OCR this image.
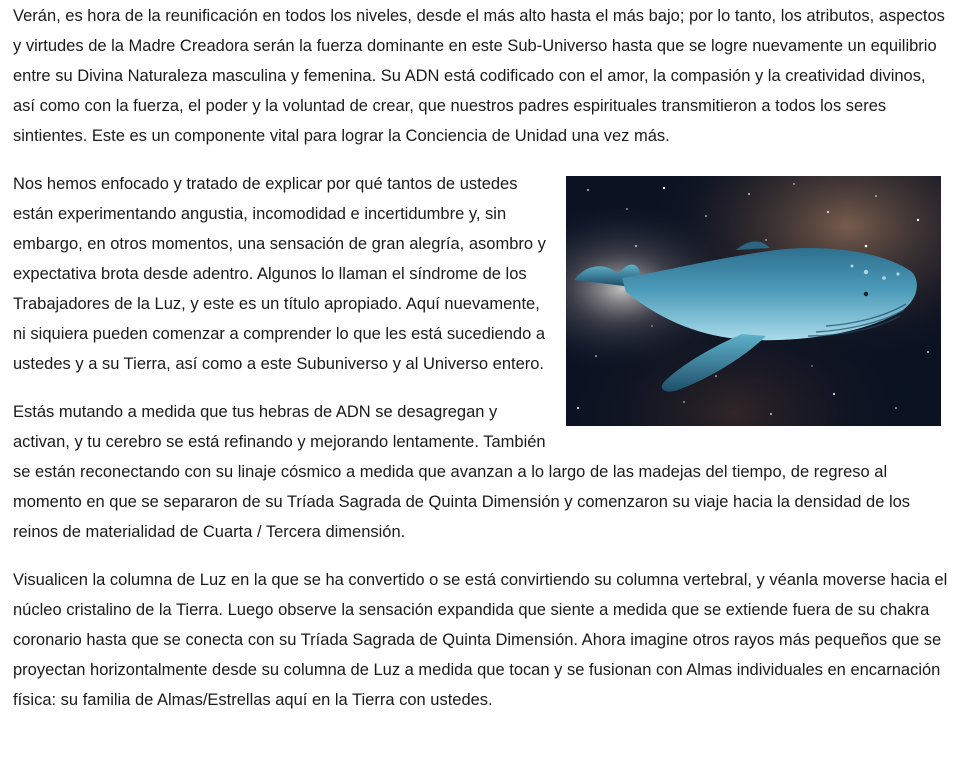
Verán, es hora de la reunificación en todos los niveles, desde el más alto hasta el más bajo; por lo tanto, los atributos, aspectos y virtudes de la Madre Creadora serán la fuerza dominante en este Sub-Universo hasta que se logre nuevamente un equilibrio entre su Divina Naturaleza masculina y femenina. Su ADN está codificado con el amor, la compasión y la creatividad divinos, así como con la fuerza, el poder y la voluntad de crear, que nuestros padres espirituales transmitieron a todos los seres sintientes. Este es un componente vital para lograr la Conciencia de Unidad una vez más.

Nos hemos enfocado y tratado de explicar por qué tantos de ustedes están experimentando angustia, incomodidad e incertidumbre y, sin embargo, en otros momentos, una sensación de gran alegría, asombro y expectativa brota desde adentro. Algunos lo llaman el síndrome de los Trabajadores de la Luz, y este es un título apropiado. Aquí nuevamente, ni siquiera pueden comenzar a comprender lo que les está sucediendo a ustedes y a su Tierra, así como a este Subuniverso y al Universo entero.

Estás mutando a medida que tus hebras de ADN se desagregan y activan, y tu cerebro se está refinando y mejorando lentamente. También se están reconectando con su linaje cósmico a medida que avanzan a lo largo de las madejas del tiempo, de regreso al momento en que se separaron de su Tríada Sagrada de Quinta Dimensión y comenzaron su viaje hacia la densidad de los reinos de materialidad de Cuarta / Tercera dimensión.

Visualicen la columna de Luz en la que se ha convertido o se está convirtiendo su columna vertebral, y véanla moverse hacia el núcleo cristalino de la Tierra. Luego observe la sensación expandida que siente a medida que se extiende fuera de su chakra coronario hasta que se conecta con su Tríada Sagrada de Quinta Dimensión. Ahora imagine otros rayos más pequeños que se proyectan horizontalmente desde su columna de Luz a medida que tocan y se fusionan con Almas individuales en encarnación física: su familia de Almas/Estrellas aquí en la Tierra con ustedes.
